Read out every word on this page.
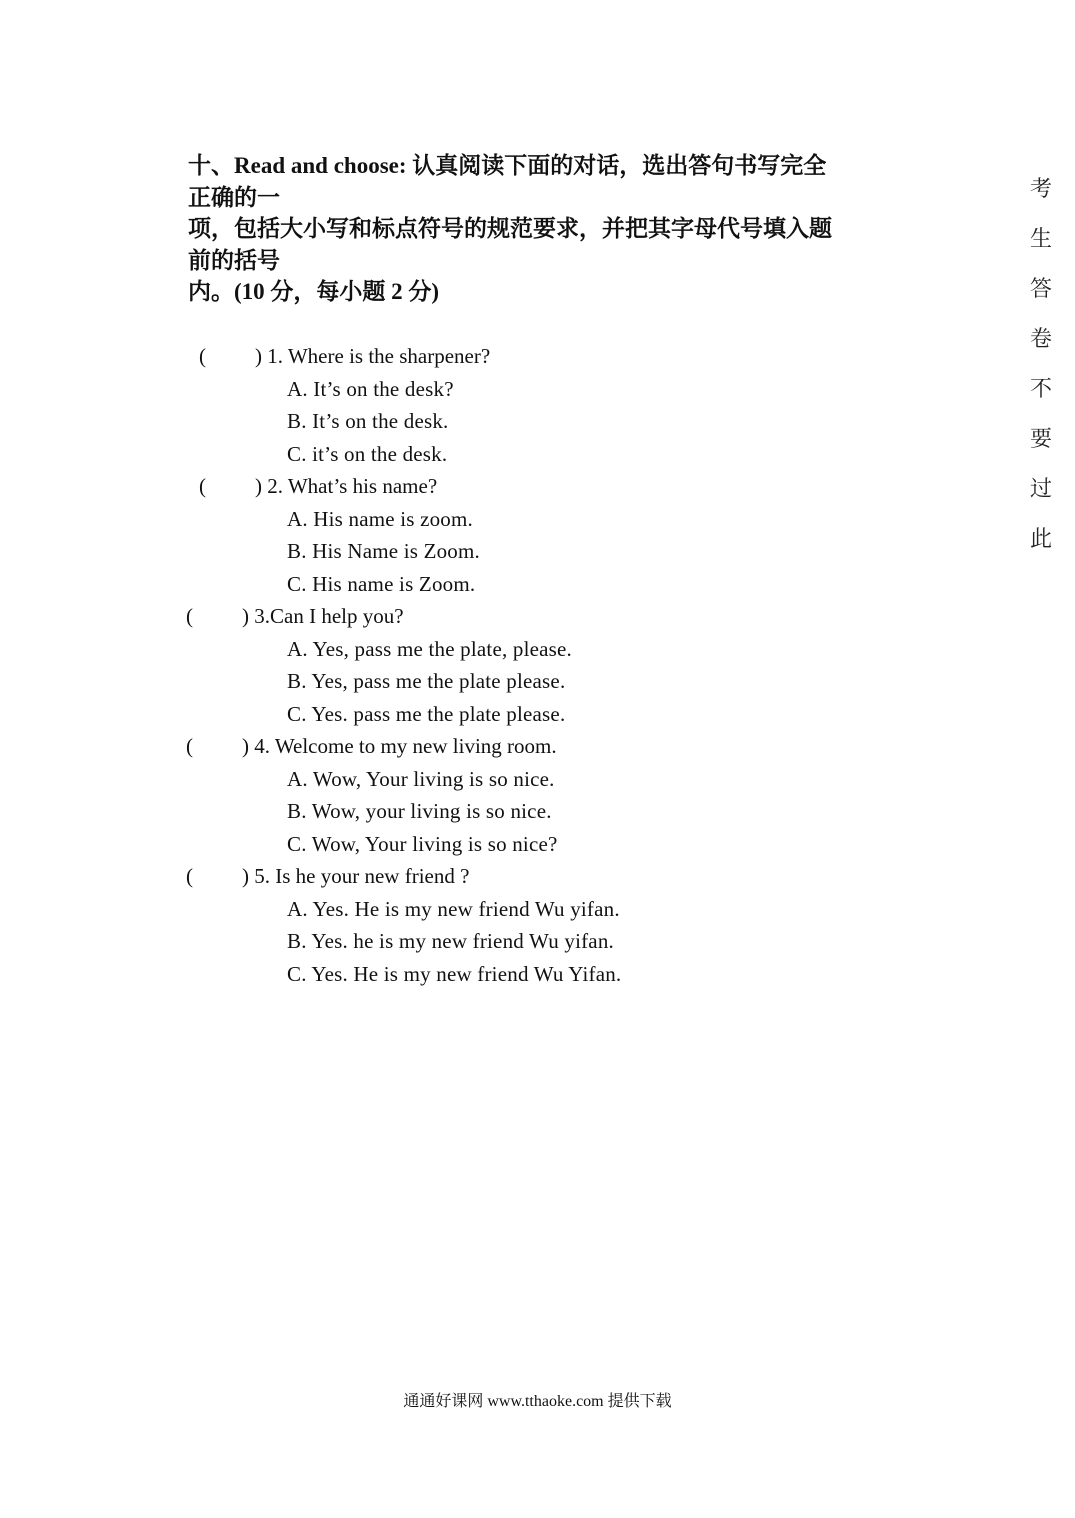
十、Read and choose: 认真阅读下面的对话，选出答句书写完全
正确的一
项，包括大小写和标点符号的规范要求，并把其字母代号填入题
前的括号
内。(10 分，每小题 2 分)
( ) 1. Where is the sharpener?
A. It’s on the desk?
B. It’s on the desk.
C. it’s on the desk.
( ) 2. What’s his name?
A. His name is zoom.
B. His Name is Zoom.
C. His name is Zoom.
( ) 3.Can I help you?
A. Yes, pass me the plate, please.
B. Yes, pass me the plate please.
C. Yes. pass me the plate please.
( ) 4. Welcome to my new living room.
A. Wow, Your living is so nice.
B. Wow, your living is so nice.
C. Wow, Your living is so nice?
( ) 5. Is he your new friend ?
A. Yes. He is my new friend Wu yifan.
B. Yes. he is my new friend Wu yifan.
C. Yes. He is my new friend Wu Yifan.
考
生
答
卷
不
要
过
此
通通好课网 www.tthaoke.com 提供下载
